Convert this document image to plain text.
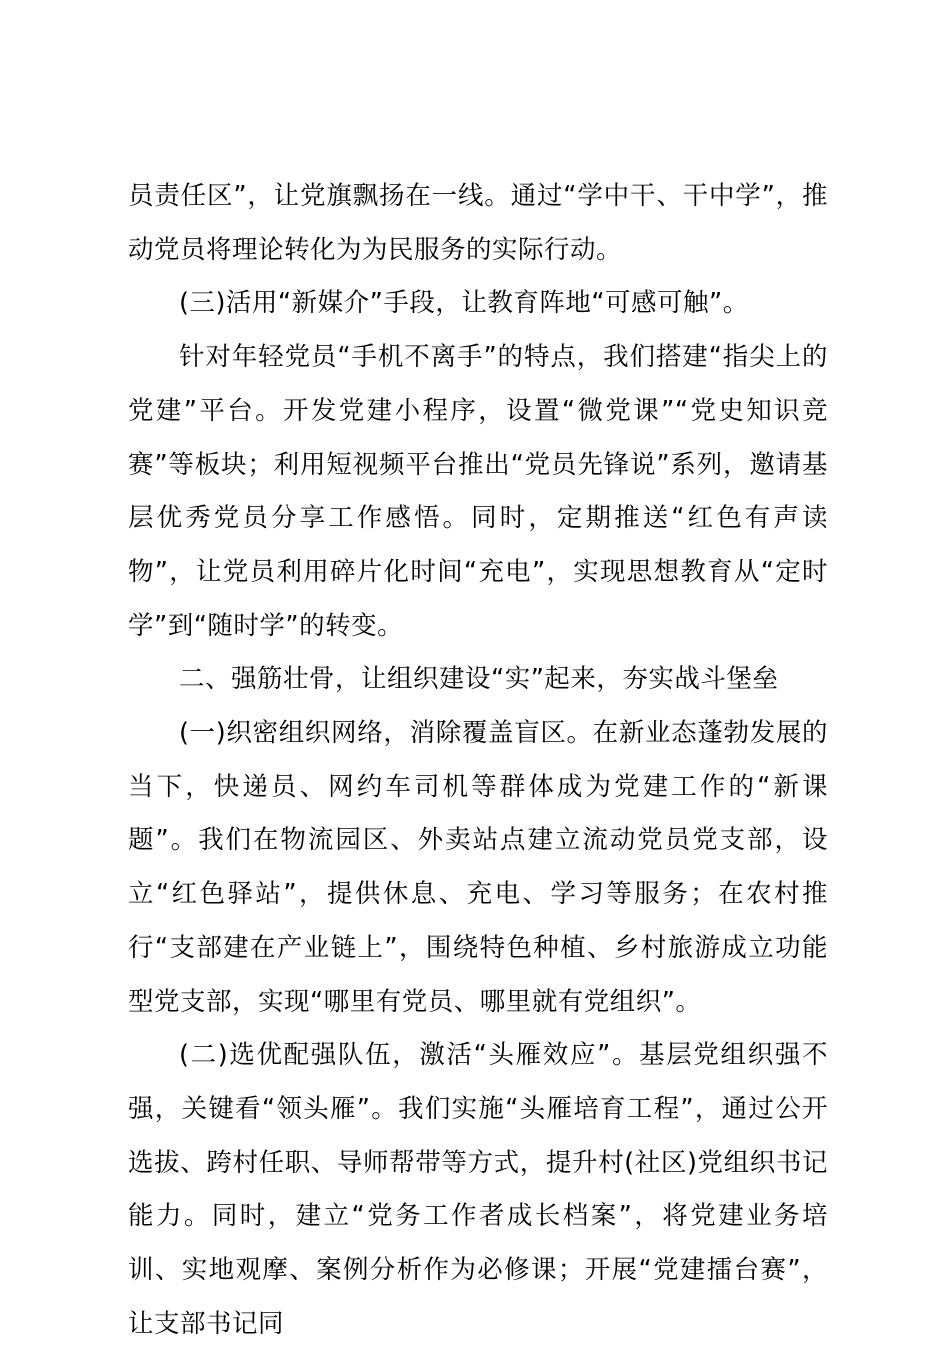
员责任区”，让党旗飘扬在一线。通过“学中干、干中学”，推动党员将理论转化为为民服务的实际行动。

(三)活用“新媒介”手段，让教育阵地“可感可触”。

针对年轻党员“手机不离手”的特点，我们搭建“指尖上的党建”平台。开发党建小程序，设置“微党课”“党史知识竞赛”等板块；利用短视频平台推出“党员先锋说”系列，邀请基层优秀党员分享工作感悟。同时，定期推送“红色有声读物”，让党员利用碎片化时间“充电”，实现思想教育从“定时学”到“随时学”的转变。

二、强筋壮骨，让组织建设“实”起来，夯实战斗堡垒

(一)织密组织网络，消除覆盖盲区。在新业态蓬勃发展的当下，快递员、网约车司机等群体成为党建工作的“新课题”。我们在物流园区、外卖站点建立流动党员党支部，设立“红色驿站”，提供休息、充电、学习等服务；在农村推行“支部建在产业链上”，围绕特色种植、乡村旅游成立功能型党支部，实现“哪里有党员、哪里就有党组织”。

(二)选优配强队伍，激活“头雁效应”。基层党组织强不强，关键看“领头雁”。我们实施“头雁培育工程”，通过公开选拔、跨村任职、导师帮带等方式，提升村(社区)党组织书记能力。同时，建立“党务工作者成长档案”，将党建业务培训、实地观摩、案例分析作为必修课；开展“党建擂台赛”，让支部书记同
